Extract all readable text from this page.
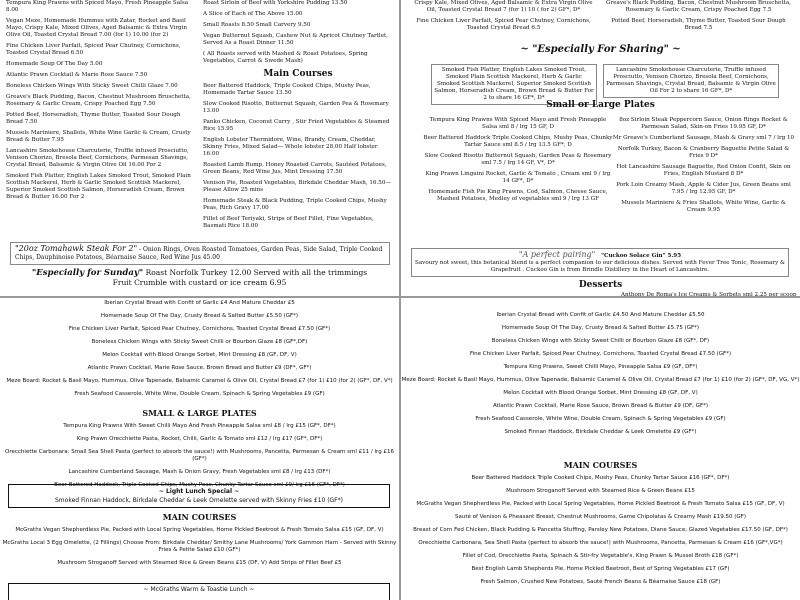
Tempura King Prawns with Spiced Mayo, Fresh Pineapple Salsa 8.00

Vegan Meze, Homemade Hummus with Zatar, Rocket and Basil Mayo, Crispy Kale, Mixed Olives, Aged Balsamic & Extra Virgin Olive Oil, Toasted Crystal Bread 7.00 (for 1) 10.00 (for 2)

Fine Chicken Liver Parfait, Spiced Pear Chutney, Cornichons, Toasted Crystal Bread 6.50

Homemade Soup Of The Day 5.00

Atlantic Prawn Cocktail & Marie Rose Sauce 7.50

Boneless Chicken Wings With Sticky Sweet Chilli Glaze 7.00

Greave's Black Pudding, Bacon, Chestnut Mushroom Bruschetta, Rosemary & Garlic Cream, Crispy Poached Egg 7.50

Potted Beef, Horseradish, Thyme Butter, Toasted Sour Dough Bread 7.50

Mussels Mariniere, Shallots, White Wine Garlic & Cream, Crusty Bread & Butter 7.95

Lancashire Smokehouse Charcuterie, Truffle infused Prosciutto, Venison Chorizo, Bresola Beef, Cornichons, Parmesan Shavings, Crystal Bread, Balsamic & Virgin Olive Oil 16.00 For 2

Smoked Fish Platter, English Lakes Smoked Trout, Smoked Plain Scottish Mackerel, Herb & Garlic Smoked Scottish Mackerel, Superior Smoked Scottish Salmon, Horseradish Cream, Brown Bread & Butter 16.00 For 2

Roast Sirloin of Beef with Yorkshire Pudding 13.50

A Slice of Each of The Above 15.00

Small Roasts 8.50 Small Carvery 9.50

Vegan Butternut Squash, Cashew Nut & Apricot Chutney Tartlet, Served As a Roast Dinner 11.50

( All Roasts served with Mashed & Roast Potatoes, Spring Vegetables, Carrot & Swede Mash)

Main Courses

Beer Battered Haddock, Triple Cooked Chips, Mushy Peas, Homemade Tartar Sauce 13.50

Slow Cooked Risotto, Butternut Squash, Garden Pea & Rosemary 13.00

Panko Chicken, Coconut Curry , Stir Fried Vegetables & Steamed Rice 15.95

English Lobster Thermidore, Wine, Brandy, Cream, Cheddar, Skinny Fries, Mixed Salad— Whole lobster 28.00 Half lobster 16.00

Roasted Lamb Rump, Honey Roasted Carrots, Sautéed Potatoes, Green Beans, Red Wine Jus, Mint Dressing 17.50

Venison Pie, Roasted Vegetables, Birkdale Cheddar Mash, 16.50—Please Allow 25 mins

Homemade Steak & Black Pudding, Triple Cooked Chips, Mushy Peas, Rich Gravy 17.00

Fillet of Beef Teriyaki, Strips of Beef Fillet, Fine Vegetables, Basmati Rice 18.00

"20oz Tomahawk Steak For 2" - Onion Rings, Oven Roasted Tomatoes, Garden Peas, Side Salad, Triple Cooked Chips, Dauphinoise Potatoes, Béarnaise Sauce, Red Wine Jus 45.00
"Especially for Sunday" Roast Norfolk Turkey 12.00 Served with all the trimmings
Fruit Crumble with custard or ice cream 6.95

Crispy Kale, Mixed Olives, Aged Balsamic & Extra Virgin Olive Oil, Toasted Crystal Bread 7 (for 1) 10 ( for 2) GF*, D*

Fine Chicken Liver Parfait, Spiced Pear Chutney, Cornichons, Toasted Crystal Bread 6.5

Greave's Black Pudding, Bacon, Chestnut Mushroom Bruschetta, Rosemary & Garlic Cream, Crispy Poached Egg 7.5

Potted Beef, Horseradish, Thyme Butter, Toasted Sour Dough Bread 7.5

~ "Especially For Sharing" ~
Smoked Fish Platter, English Lakes Smoked Trout, Smoked Plain Scottish Mackerel, Herb & Garlic Smoked Scottish Mackerel, Superior Smoked Scottish Salmon, Horseradish Cream, Brown Bread & Butter For 2 to share 16 GF*, D*
Lancashire Smokehouse Charcuterie, Truffle infused Prosciutto, Venison Chorizo, Bresola Beef, Cornichons, Parmesan Shavings, Crystal Bread, Balsamic & Virgin Olive Oil For 2 to share 16 GF*, D*
Small or Large Plates

Tempura King Prawns With Spiced Mayo and Fresh Pineapple Salsa sml 8 / lrg 15 GF, D

Beer Battered Haddock Triple Cooked Chips, Mushy Peas, Chunky Tartar Sauce sml 8.5 / lrg 13.5 GF*, D

Slow Cooked Risotto Butternut Squash, Garden Peas & Rosemary sml 7.5 / lrg 14 GF, V*, D*

King Prawn Linguini Rocket, Garlic & Tomato , Cream sml 9 / lrg 14 GF*, D*

Homemade Fish Pie King Prawns, Cod, Salmon, Cheese Sauce, Mashed Potatoes, Medley of vegetables sml 9 / lrg 13 GF

8oz Sirloin Steak Peppercorn Sauce, Onion Rings Rocket & Parmesan Salad, Skin-on Fries 19.95 GF, D*

Mr Greave's Cumberland Sausage, Mash & Gravy sml 7 / lrg 10

Norfolk Turkey, Bacon & Cranberry Baguette Petite Salad & Fries 9 D*

Hot Lancashire Sausage Baguette, Red Onion Confit, Skin on Fries, English Mustard 8 D*

Pork Loin Creamy Mash, Apple & Cider Jus, Green Beans sml 7.95 / lrg 12.95 GF, D*

Mussels Mariniere & Fries Shallots, White Wine, Garlic & Cream 9.95

"A perfect pairing" "Cuckoo Solace Gin" 5.95
Savoury not sweet, this botanical blend is a perfect companion to our delicious dishes. Served with Fever Tree Tonic, Rosemary & Grapefruit . Cuckoo Gin is from Brindle Distillery in the Heart of Lancashire.
Desserts
Anthony De Roma's Ice Creams & Sorbets sml 2.25 per scoop

Iberian Crystal Bread with Confit of Garlic £4 And Mature Cheddar £5

Homemade Soup Of The Day, Crusty Bread & Salted Butter £5.50 (GF*)

Fine Chicken Liver Parfait, Spiced Pear Chutney, Cornichons, Toasted Crystal Bread £7.50 (GF*)

Boneless Chicken Wings with Sticky Sweet Chilli or Bourbon Glaze £8 (GF*,DF)

Melon Cocktail with Blood Orange Sorbet, Mint Dressing £8 (GF, DF, V)

Atlantic Prawn Cocktail, Marie Rose Sauce, Brown Bread and Butter £9 (DF*, GF*)

Meze Board: Rocket & Basil Mayo, Hummus, Olive Tapenade, Balsamic Caramel & Olive Oil, Crystal Bread £7 (for 1) £10 (for 2) (GF*, DF, V*)

Fresh Seafood Casserole, White Wine, Double Cream, Spinach & Spring Vegetables £9 (GF)

SMALL & LARGE PLATES

Tempura King Prawns With Sweet Chilli Mayo And Fresh Pineapple Salsa sml £8 / lrg £15 (GF*, DF*)

King Prawn Orecchiette Pasta, Rocket, Chilli, Garlic & Tomato sml £12 / lrg £17 (GF*, DF*)

Orecchiette Carbonara: Small Sea Shell Pasta (perfect to absorb the sauce!) with Mushrooms, Pancetta, Parmesan & Cream sml £11 / lrg £16 (GF*)

Lancashire Cumberland Sausage, Mash & Onion Gravy, Fresh Vegetables sml £8 / lrg £13 (DF*)

Beer Battered Haddock, Triple Cooked Chips, Mushy Peas, Chunky Tartar Sauce sml £9/ lrg £16 (GF*, DF*)

~ Light Lunch Special ~
Smoked Finnan Haddock, Birkdale Cheddar & Leek Omelette served with Skinny Fries £10 (GF*)

MAIN COURSES

McGraths Vegan Shepherdless Pie, Packed with Local Spring Vegetables, Home Pickled Beetroot & Fresh Tomato Salsa £15 (GF, DF, V)

McGraths Local 3 Egg Omelette, (2 Fillings) Choose From: Birkdale Cheddar/ Smithy Lane Mushrooms/ York Gammon Ham - Served with Skinny Fries & Petite Salad £10 (GF*)

Mushroom Stroganoff Served with Steamed Rice & Green Beans £15 (DF, V) Add Strips of Fillet Beef £5

~ McGraths Warm & Toastie Lunch ~

Iberian Crystal Bread with Confit of Garlic £4.50 And Mature Cheddar £5.50

Homemade Soup Of The Day, Crusty Bread & Salted Butter £5.75 (GF*)

Boneless Chicken Wings with Sticky Sweet Chilli or Bourbon Glaze £8 (GF*, DF)

Fine Chicken Liver Parfait, Spiced Pear Chutney, Cornichons, Toasted Crystal Bread £7.50 (GF*)

Tempura King Prawns, Sweet Chilli Mayo, Pineapple Salsa £9 (GF, DF*)

Meze Board: Rocket & Basil Mayo, Hummus, Olive Tapenade, Balsamic Caramel & Olive Oil, Crystal Bread £7 (for 1) £10 (for 2) (GF*, DF, VG, V*)

Melon Cocktail with Blood Orange Sorbet, Mint Dressing £8 (GF, DF, V)

Atlantic Prawn Cocktail, Marie Rose Sauce, Brown Bread & Butter £9 (DF, GF*)

Fresh Seafood Casserole, White Wine, Double Cream, Spinach & Spring Vegetables £9 (GF)

Smoked Finnan Haddock, Birkdale Cheddar & Leek Omelette £9 (GF*)

MAIN COURSES

Beer Battered Haddock Triple Cooked Chips, Mushy Peas, Chunky Tartar Sauce £16 (GF*, DF*)

Mushroom Stroganoff Served with Steamed Rice & Green Beans £15

McGraths Vegan Shepherdless Pie, Packed with Local Spring Vegetables, Home Pickled Beetroot & Fresh Tomato Salsa £15 (GF, DF, V)

Sauté of Venison & Pheasant Breast, Chestnut Mushrooms, Game Chipolatas & Creamy Mash £19.50 (GF)

Breast of Corn Fed Chicken, Black Pudding & Pancetta Stuffing, Parsley New Potatoes, Diane Sauce, Glazed Vegetables £17.50 (GF, DF*)

Orecchiette Carbonara, Sea Shell Pasta (perfect to absorb the sauce!) with Mushrooms, Pancetta, Parmesan & Cream £16 (GF*,VG*)

Fillet of Cod, Orecchiette Pasta, Spinach & Stir-fry Vegetable's, King Prawn & Mussel Broth £18 (GF*)

Best English Lamb Shepherds Pie, Home Pickled Beetroot, Best of Spring Vegetables £17 (GF)

Fresh Salmon, Crushed New Potatoes, Sauté French Beans & Béarnaise Sauce £18 (GF)
